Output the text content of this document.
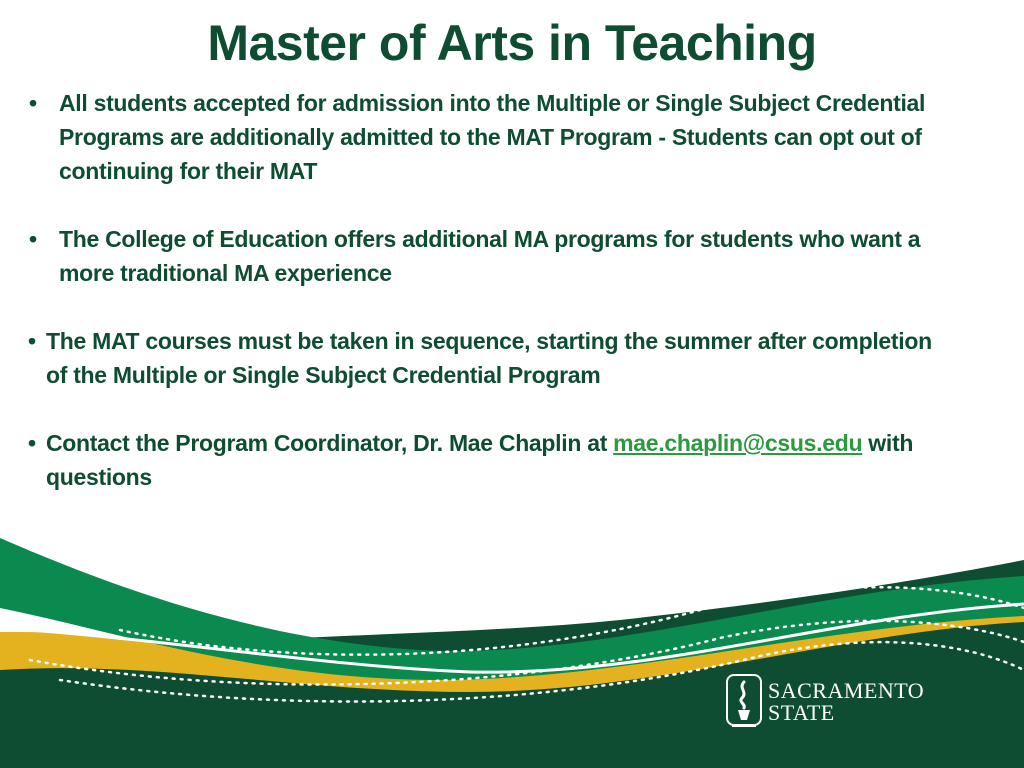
Master of Arts in Teaching
• All students accepted for admission into the Multiple or Single Subject Credential Programs are additionally admitted to the MAT Program - Students can opt out of continuing for their MAT
• The College of Education offers additional MA programs for students who want a more traditional MA experience
• The MAT courses must be taken in sequence, starting the summer after completion of the Multiple or Single Subject Credential Program
• Contact the Program Coordinator, Dr. Mae Chaplin at mae.chaplin@csus.edu with questions
SACRAMENTO
STATE
